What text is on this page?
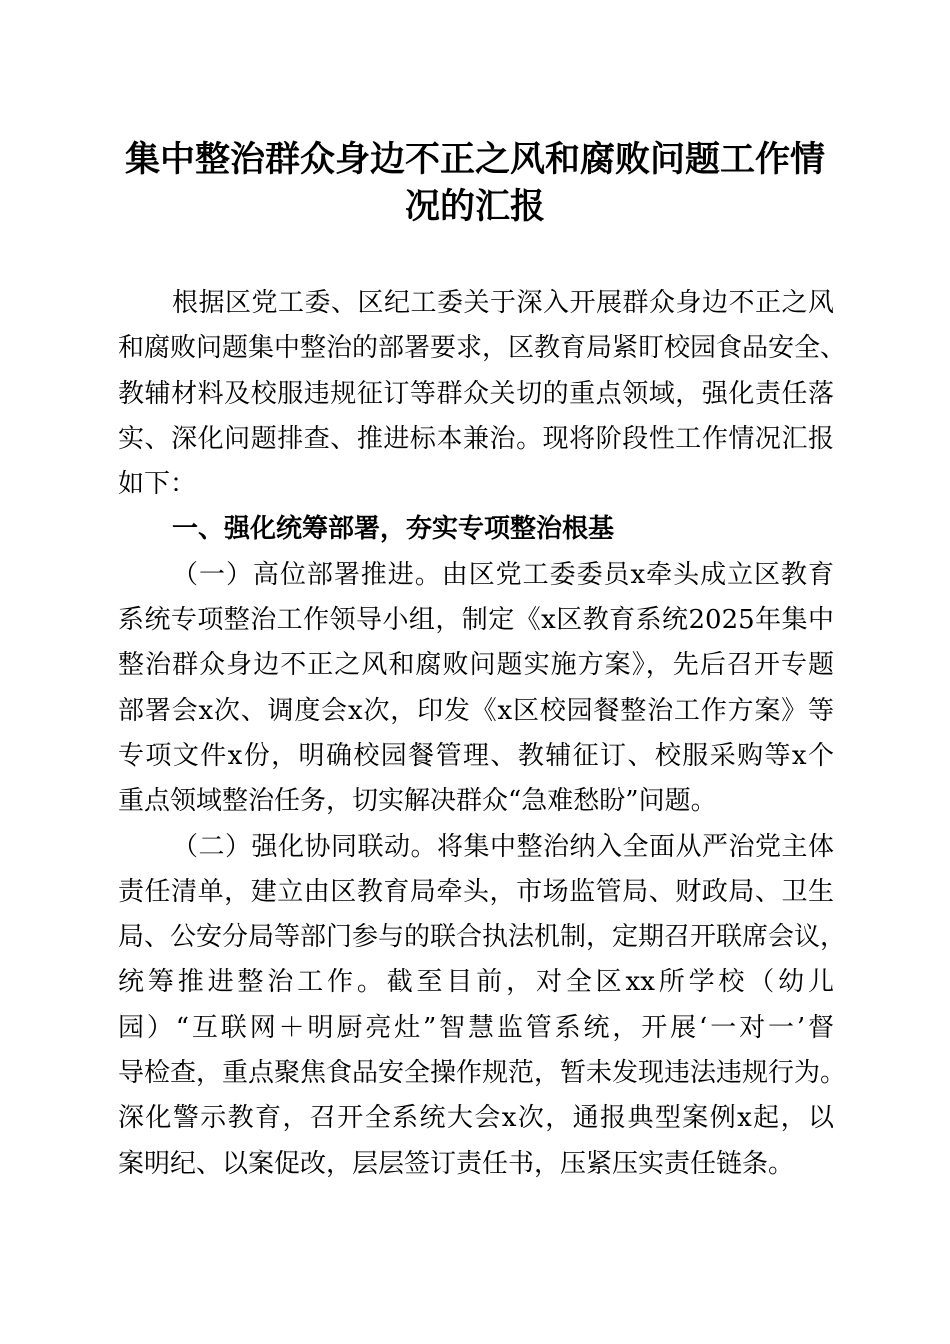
集中整治群众身边不正之风和腐败问题工作情
况的汇报
根据区党工委、区纪工委关于深入开展群众身边不正之风
和腐败问题集中整治的部署要求，区教育局紧盯校园食品安全、
教辅材料及校服违规征订等群众关切的重点领域，强化责任落
实、深化问题排查、推进标本兼治。现将阶段性工作情况汇报
如下：
一、强化统筹部署，夯实专项整治根基
（一）高位部署推进。由区党工委委员x牵头成立区教育
系统专项整治工作领导小组，制定《x区教育系统2025年集中
整治群众身边不正之风和腐败问题实施方案》，先后召开专题
部署会x次、调度会x次，印发《x区校园餐整治工作方案》等
专项文件x份，明确校园餐管理、教辅征订、校服采购等x个
重点领域整治任务，切实解决群众“急难愁盼”问题。
（二）强化协同联动。将集中整治纳入全面从严治党主体
责任清单，建立由区教育局牵头，市场监管局、财政局、卫生
局、公安分局等部门参与的联合执法机制，定期召开联席会议，
统筹推进整治工作。截至目前，对全区xx所学校（幼儿
园）“互联网＋明厨亮灶”智慧监管系统，开展‘一对一’督
导检查，重点聚焦食品安全操作规范，暂未发现违法违规行为。
深化警示教育，召开全系统大会x次，通报典型案例x起，以
案明纪、以案促改，层层签订责任书，压紧压实责任链条。
